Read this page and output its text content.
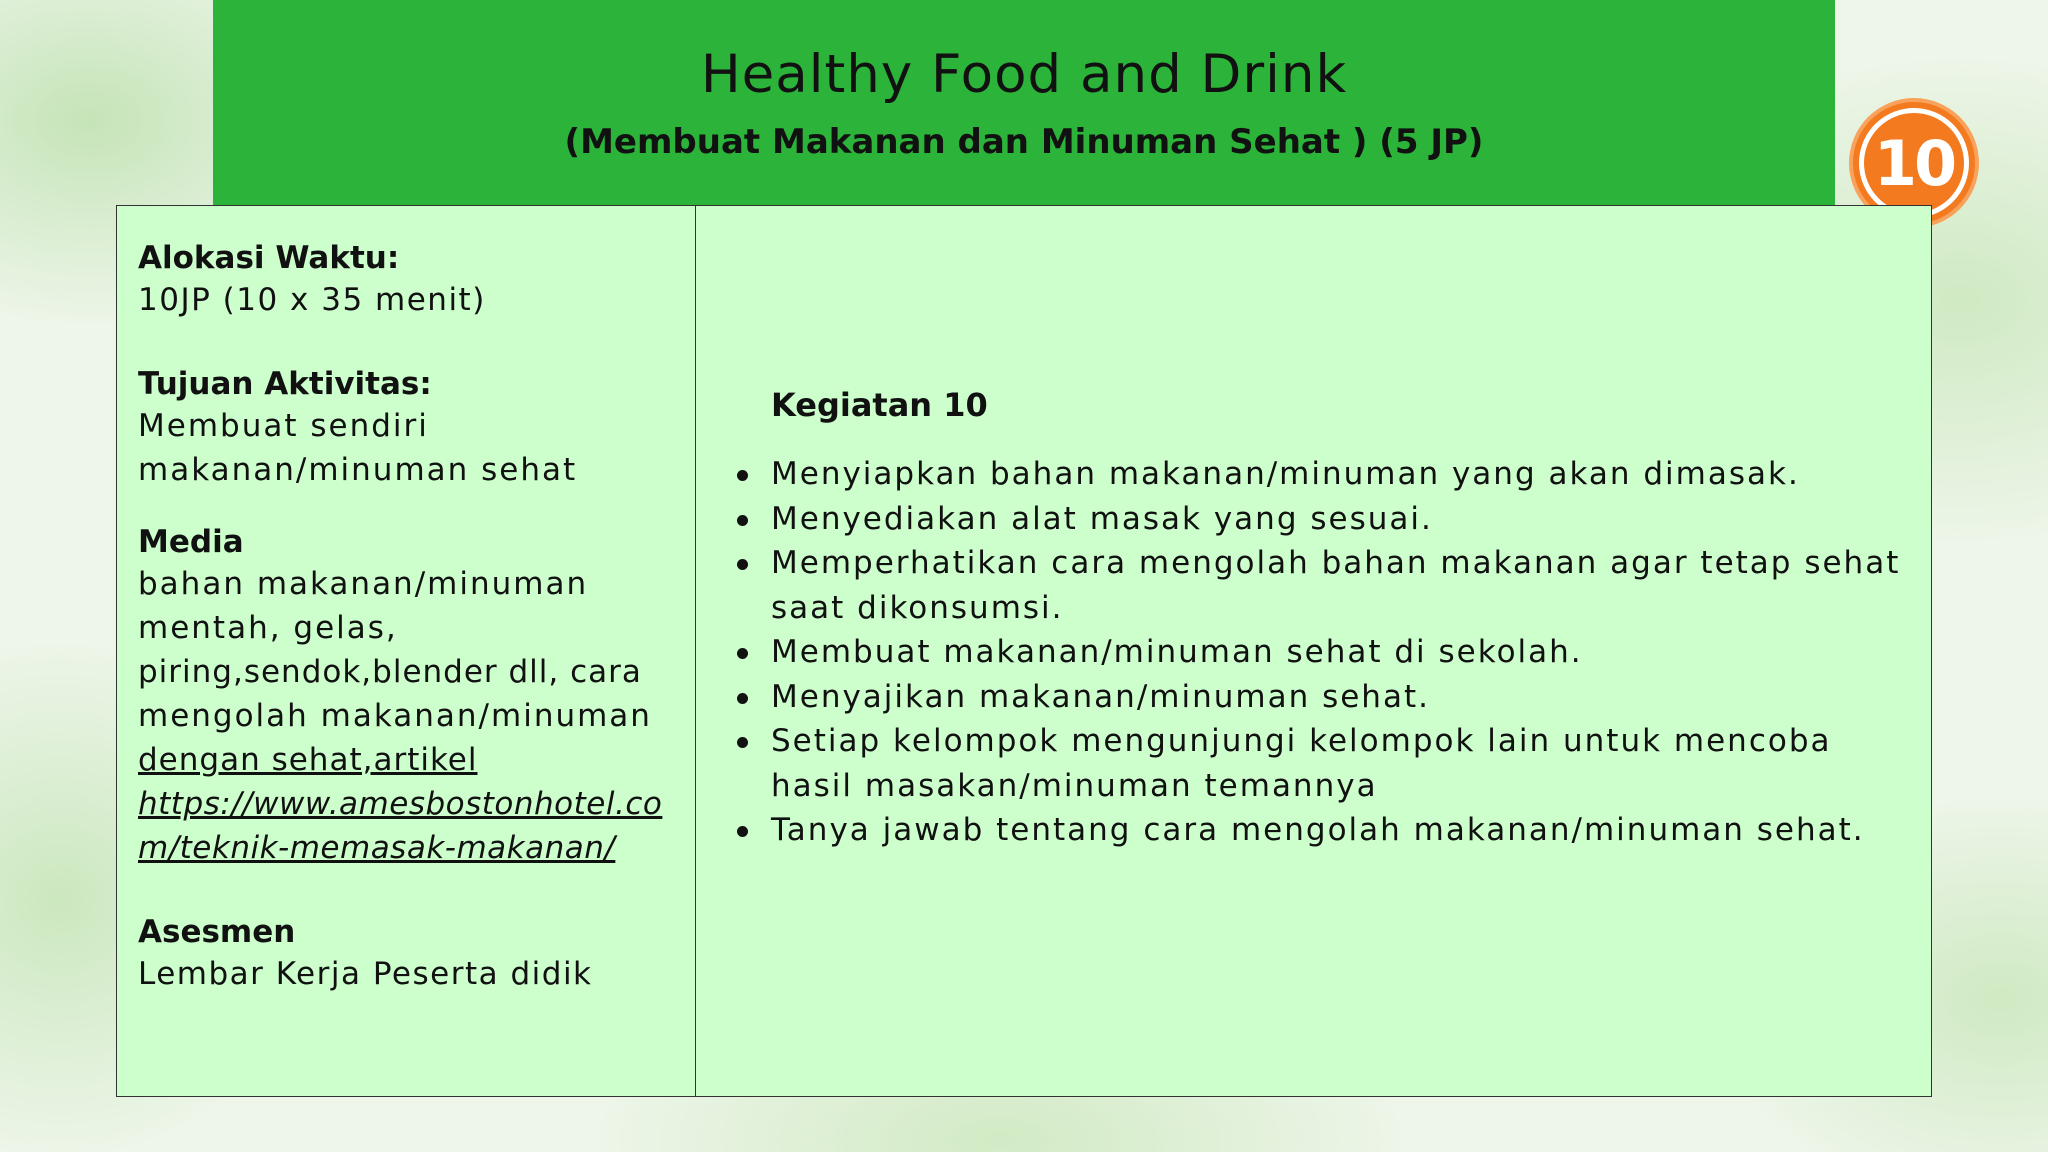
Healthy Food and Drink
(Membuat Makanan dan Minuman Sehat ) (5 JP)	10
Alokasi Waktu:
10JP (10 x 35 menit)
Tujuan Aktivitas:
Membuat sendiri
makanan/minuman sehat
Media
bahan makanan/minuman
mentah, gelas,
piring,sendok,blender dll, cara
mengolah makanan/minuman
dengan sehat,artikel
https://www.amesbostonhotel.co
m/teknik-memasak-makanan/
Asesmen
Lembar Kerja Peserta didik
Kegiatan 10
Menyiapkan bahan makanan/minuman yang akan dimasak.
Menyediakan alat masak yang sesuai.
Memperhatikan cara mengolah bahan makanan agar tetap sehat saat dikonsumsi.
Membuat makanan/minuman sehat di sekolah.
Menyajikan makanan/minuman sehat.
Setiap kelompok mengunjungi kelompok lain untuk mencoba hasil masakan/minuman temannya
Tanya jawab tentang cara mengolah makanan/minuman sehat.
